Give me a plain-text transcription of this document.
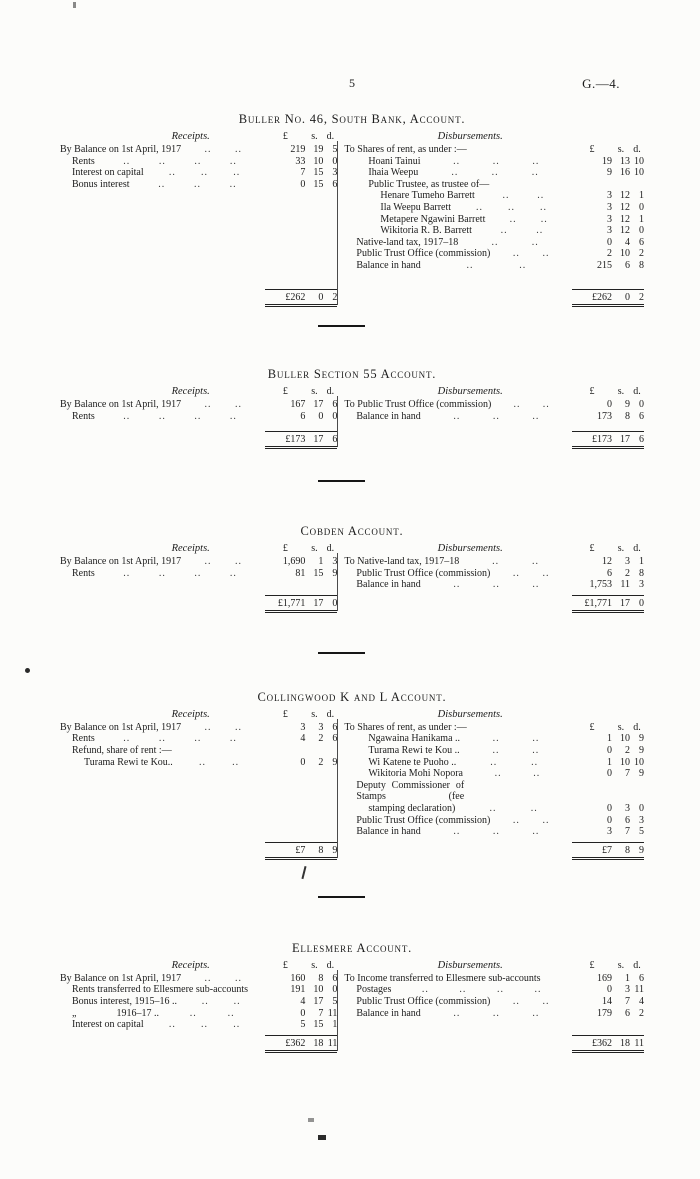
5	G.—4.
Buller No. 46, South Bank, Account.
Receipts.	£	s. d.
By Balance on 1st April, 1917 .. ..	219 19 5
Rents	..	..	..	..	33 10 0
Interest on capital	..	..	..	7 15 3
Bonus interest	..	..	..	0 15 6
£262	0 2
Disbursements.
To Shares of rent, as under :—	£	s. d.
Hoani Tainui	..	..	..	19 13 10
Ihaia Weepu	..	..	..	9 16 10
Public Trustee, as trustee of—
Henare Tumeho Barrett	..	..	3 12 1
Ila Weepu Barrett .. .. ..	3 12 0
Metapere Ngawini Barrett .. ..	3 12 1
Wikitoria R. B. Barrett	..	..	3 12 0
Native-land tax, 1917–18	..	..	0	4 6
Public Trust Office (commission) .. ..	2 10 2
Balance in hand	..	..	215	6 8
£262	0 2
Buller Section 55 Account.
Receipts.	£	s. d.
By Balance on 1st April, 1917 .. ..	167 17 6
Rents	..	..	..	..	6	0 0
£173 17 6
Disbursements.	£	s. d.
To Public Trust Office (commission) .. ..	0	9 0
Balance in hand	..	..	..	173	8 6
£173 17 6
Cobden Account.
Receipts.	£	s. d.
By Balance on 1st April, 1917 .. ..	1,690	1 3
Rents	..	..	..	..	81 15 9
£1,771 17 0
Disbursements.	£	s. d.
To Native-land tax, 1917–18	..	..	12	3 1
Public Trust Office (commission) .. ..	6	2 8
Balance in hand	..	..	..	1,753 11 3
£1,771 17 0
Collingwood K and L Account.
Receipts.	£	s. d.
By Balance on 1st April, 1917 .. ..	3	3 6
Rents	..	..	..	..	4	2 6
Refund, share of rent :—
Turama Rewi te Kou..	..	..	0	2 9
£7	8 9
Disbursements.
To Shares of rent, as under :—	£	s. d.
Ngawaina Hanikama ..	..	..	1 10 9
Turama Rewi te Kou ..	..	..	0	2 9
Wi Katene te Puoho ..	..	..	1 10 10
Wikitoria Mohi Nopora	..	..	0	7 9
Deputy Commissioner of Stamps (fee
stamping declaration)	..	..	0	3 0
Public Trust Office (commission) .. ..	0	6 3
Balance in hand	..	..	..	3	7 5
£7	8 9
Ellesmere Account.
Receipts.	£	s. d.
By Balance on 1st April, 1917 .. ..	160	8 6
Rents transferred to Ellesmere sub-accounts	191 10 0
Bonus interest, 1915–16 .. .. ..	4 17 5
„    1916–17 ..	..	..	0	7 11
Interest on capital	..	..	..	5 15 1
£362 18 11
Disbursements.	£	s. d.
To Income transferred to Ellesmere sub-accounts	169	1 6
Postages	..	..	..	..	0	3 11
Public Trust Office (commission) .. ..	14	7 4
Balance in hand	..	..	..	179	6 2
£362 18 11
